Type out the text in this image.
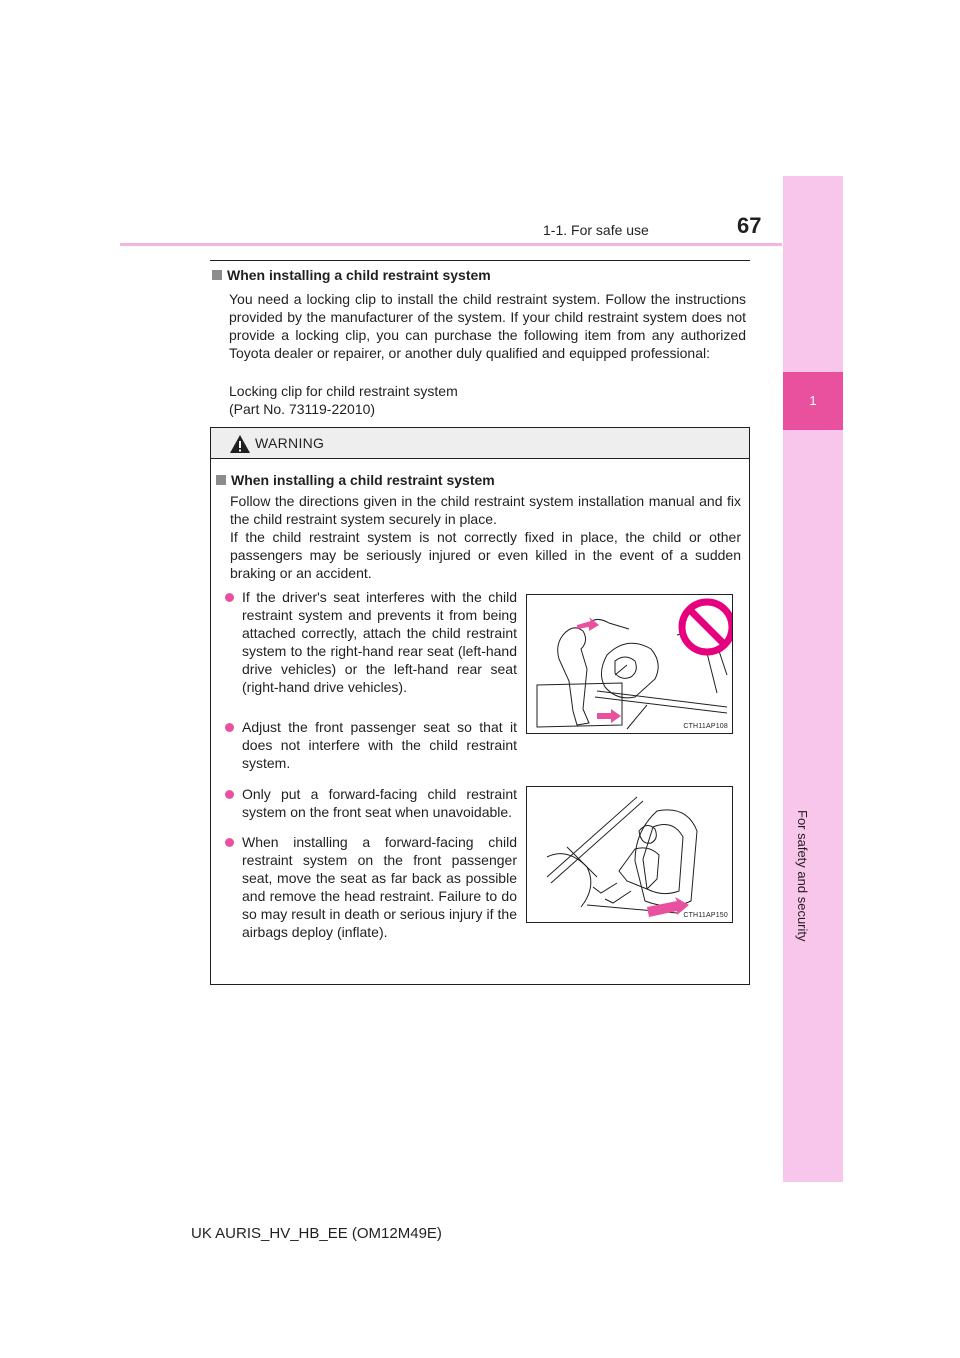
1
For safety and security
1-1. For safe use	67
When installing a child restraint system
You need a locking clip to install the child restraint system. Follow the instructions provided by the manufacturer of the system. If your child restraint system does not provide a locking clip, you can purchase the following item from any authorized Toyota dealer or repairer, or another duly qualified and equipped professional:
Locking clip for child restraint system
(Part No. 73119-22010)
WARNING
When installing a child restraint system
Follow the directions given in the child restraint system installation manual and fix the child restraint system securely in place.
If the child restraint system is not correctly fixed in place, the child or other passengers may be seriously injured or even killed in the event of a sudden braking or an accident.
If the driver's seat interferes with the child restraint system and prevents it from being attached correctly, attach the child restraint system to the right-hand rear seat (left-hand drive vehicles) or the left-hand rear seat (right-hand drive vehicles).
Adjust the front passenger seat so that it does not interfere with the child restraint system.
Only put a forward-facing child restraint system on the front seat when unavoidable.
When installing a forward-facing child restraint system on the front passenger seat, move the seat as far back as possible and remove the head restraint. Failure to do so may result in death or serious injury if the airbags deploy (inflate).
CTH11AP108
CTH11AP150
UK AURIS_HV_HB_EE (OM12M49E)
